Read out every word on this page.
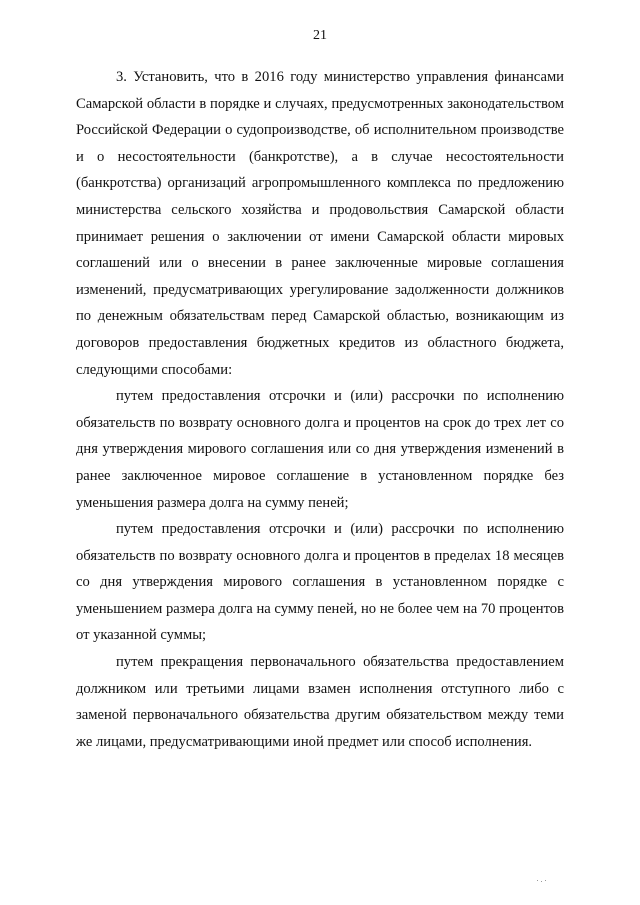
21

3. Установить, что в 2016 году министерство управления финансами Самарской области в порядке и случаях, предусмотренных законодательством Российской Федерации о судопроизводстве, об исполнительном производстве и о несостоятельности (банкротстве), а в случае несостоятельности (банкротства) организаций агропромышленного комплекса по предложению министерства сельского хозяйства и продовольствия Самарской области принимает решения о заключении от имени Самарской области мировых соглашений или о внесении в ранее заключенные мировые соглашения изменений, предусматривающих урегулирование задолженности должников по денежным обязательствам перед Самарской областью, возникающим из договоров предоставления бюджетных кредитов из областного бюджета, следующими способами:

путем предоставления отсрочки и (или) рассрочки по исполнению обязательств по возврату основного долга и процентов на срок до трех лет со дня утверждения мирового соглашения или со дня утверждения изменений в ранее заключенное мировое соглашение в установленном порядке без уменьшения размера долга на сумму пеней;

путем предоставления отсрочки и (или) рассрочки по исполнению обязательств по возврату основного долга и процентов в пределах 18 месяцев со дня утверждения мирового соглашения в установленном порядке с уменьшением размера долга на сумму пеней, но не более чем на 70 процентов от указанной суммы;

путем прекращения первоначального обязательства предоставлением должником или третьими лицами взамен исполнения отступного либо с заменой первоначального обязательства другим обязательством между теми же лицами, предусматривающими иной предмет или способ исполнения.
